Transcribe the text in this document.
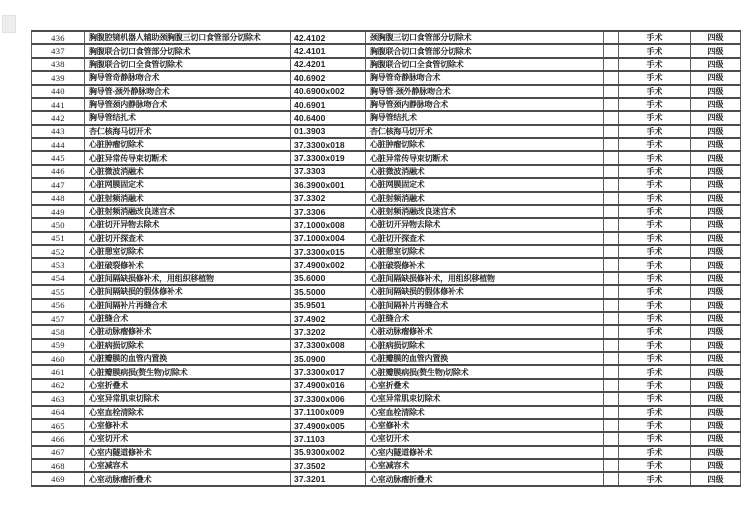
436	胸腹腔镜机器人辅助颈胸腹三切口食管部分切除术	42.4102	颈胸腹三切口食管部分切除术		手术	四级
437	胸腹联合切口食管部分切除术	42.4101	胸腹联合切口食管部分切除术		手术	四级
438	胸腹联合切口全食管切除术	42.4201	胸腹联合切口全食管切除术		手术	四级
439	胸导管奇静脉吻合术	40.6902	胸导管奇静脉吻合术		手术	四级
440	胸导管-颈外静脉吻合术	40.6900x002	胸导管-颈外静脉吻合术		手术	四级
441	胸导管颈内静脉吻合术	40.6901	胸导管颈内静脉吻合术		手术	四级
442	胸导管结扎术	40.6400	胸导管结扎术		手术	四级
443	杏仁核海马切开术	01.3903	杏仁核海马切开术		手术	四级
444	心脏肿瘤切除术	37.3300x018	心脏肿瘤切除术		手术	四级
445	心脏异常传导束切断术	37.3300x019	心脏异常传导束切断术		手术	四级
446	心脏微波消融术	37.3303	心脏微波消融术		手术	四级
447	心脏网膜固定术	36.3900x001	心脏网膜固定术		手术	四级
448	心脏射频消融术	37.3302	心脏射频消融术		手术	四级
449	心脏射频消融改良迷宫术	37.3306	心脏射频消融改良迷宫术		手术	四级
450	心脏切开异物去除术	37.1000x008	心脏切开异物去除术		手术	四级
451	心脏切开探查术	37.1000x004	心脏切开探查术		手术	四级
452	心脏憩室切除术	37.3300x015	心脏憩室切除术		手术	四级
453	心脏破裂修补术	37.4900x002	心脏破裂修补术		手术	四级
454	心脏间隔缺损修补术，用组织移植物	35.6000	心脏间隔缺损修补术，用组织移植物		手术	四级
455	心脏间隔缺损的假体修补术	35.5000	心脏间隔缺损的假体修补术		手术	四级
456	心脏间隔补片再缝合术	35.9501	心脏间隔补片再缝合术		手术	四级
457	心脏缝合术	37.4902	心脏缝合术		手术	四级
458	心脏动脉瘤修补术	37.3202	心脏动脉瘤修补术		手术	四级
459	心脏病损切除术	37.3300x008	心脏病损切除术		手术	四级
460	心脏瓣膜的血管内置换	35.0900	心脏瓣膜的血管内置换		手术	四级
461	心脏瓣膜病损(赘生物)切除术	37.3300x017	心脏瓣膜病损(赘生物)切除术		手术	四级
462	心室折叠术	37.4900x016	心室折叠术		手术	四级
463	心室异常肌束切除术	37.3300x006	心室异常肌束切除术		手术	四级
464	心室血栓清除术	37.1100x009	心室血栓清除术		手术	四级
465	心室修补术	37.4900x005	心室修补术		手术	四级
466	心室切开术	37.1103	心室切开术		手术	四级
467	心室内隧道修补术	35.9300x002	心室内隧道修补术		手术	四级
468	心室减容术	37.3502	心室减容术		手术	四级
469	心室动脉瘤折叠术	37.3201	心室动脉瘤折叠术		手术	四级
